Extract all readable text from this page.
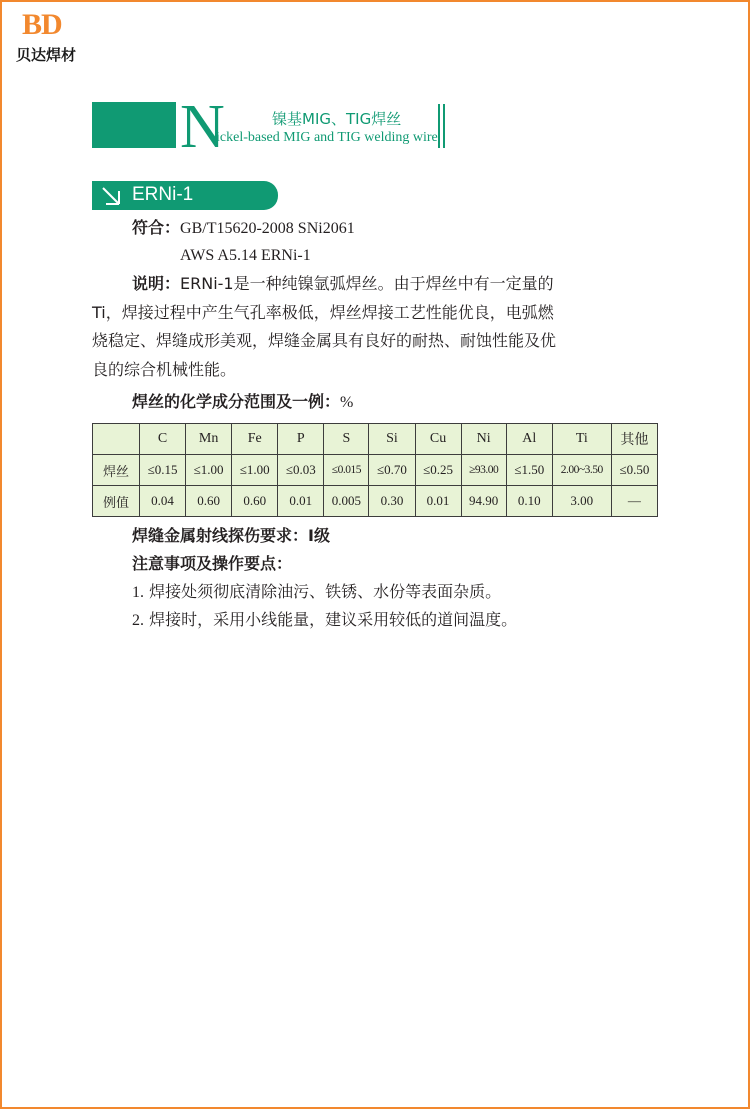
BD
贝达焊材
N	镍基MIG、TIG焊丝
ickel-based MIG and TIG welding wire
ERNi-1
符合：GB/T15620-2008 SNi2061
AWS A5.14 ERNi-1

说明：ERNi-1是一种纯镍氩弧焊丝。由于焊丝中有一定量的

Ti，焊接过程中产生气孔率极低，焊丝焊接工艺性能优良，电弧燃

烧稳定、焊缝成形美观，焊缝金属具有良好的耐热、耐蚀性能及优

良的综合机械性能。

焊丝的化学成分范围及一例：%
	C	Mn	Fe	P	S	Si	Cu	Ni	Al	Ti	其他
焊丝	≤0.15	≤1.00	≤1.00	≤0.03	≤0.015	≤0.70	≤0.25	≥93.00	≤1.50	2.00~3.50	≤0.50
例值	0.04	0.60	0.60	0.01	0.005	0.30	0.01	94.90	0.10	3.00	—
焊缝金属射线探伤要求：Ⅰ级
注意事项及操作要点：
1. 焊接处须彻底清除油污、铁锈、水份等表面杂质。
2. 焊接时，采用小线能量，建议采用较低的道间温度。
